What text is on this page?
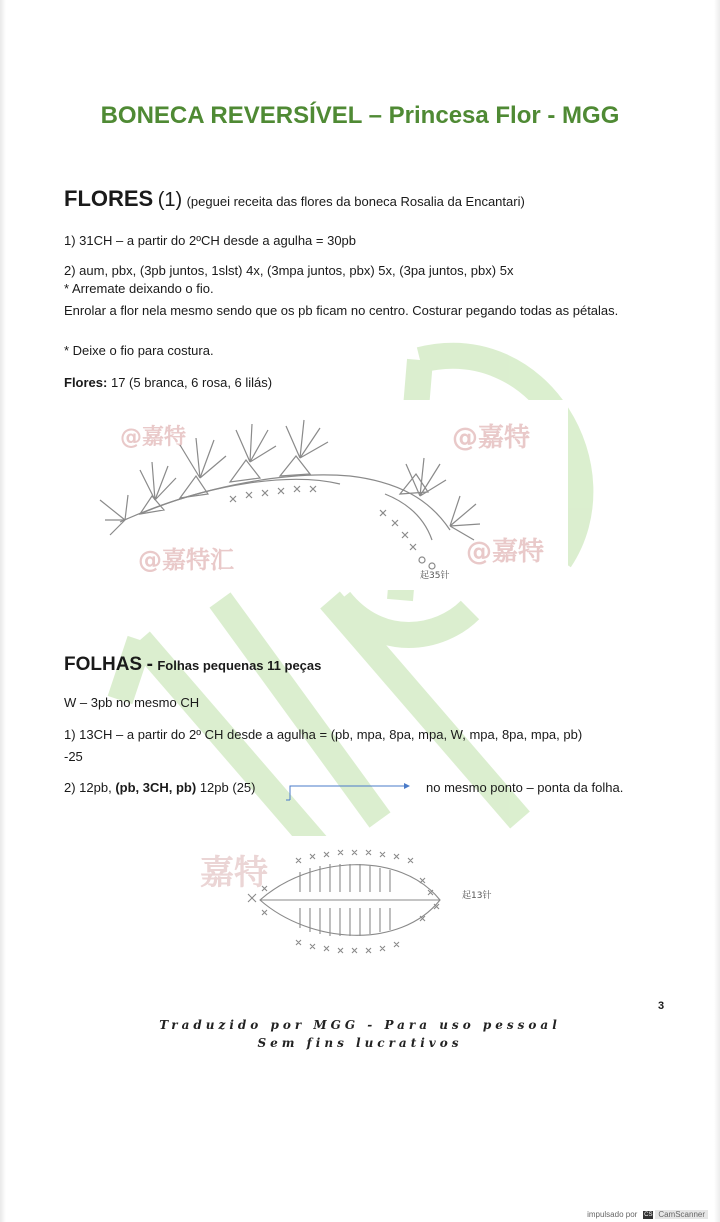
BONECA REVERSÍVEL – Princesa Flor - MGG
FLORES (1) (peguei receita das flores da boneca Rosalia da Encantari)
1) 31CH – a partir do 2ºCH desde a agulha = 30pb
2) aum, pbx, (3pb juntos, 1slst) 4x, (3mpa juntos, pbx) 5x, (3pa juntos, pbx) 5x
* Arremate deixando o fio.
Enrolar a flor nela mesmo sendo que os pb ficam no centro. Costurar pegando todas as pétalas.
* Deixe o fio para costura.
Flores: 17 (5 branca, 6 rosa, 6 lilás)
@嘉特	@嘉特
@嘉特汇	@嘉特
起35针
FOLHAS - Folhas pequenas 11 peças
W – 3pb no mesmo CH
1) 13CH – a partir do 2º CH desde a agulha = (pb, mpa, 8pa, mpa, W, mpa, 8pa, mpa, pb)
-25
2) 12pb, (pb, 3CH, pb) 12pb (25)	no mesmo ponto – ponta da folha.
嘉特
起13针
3
Traduzido por MGG - Para uso pessoal
Sem fins lucrativos
impulsado por CS CamScanner
